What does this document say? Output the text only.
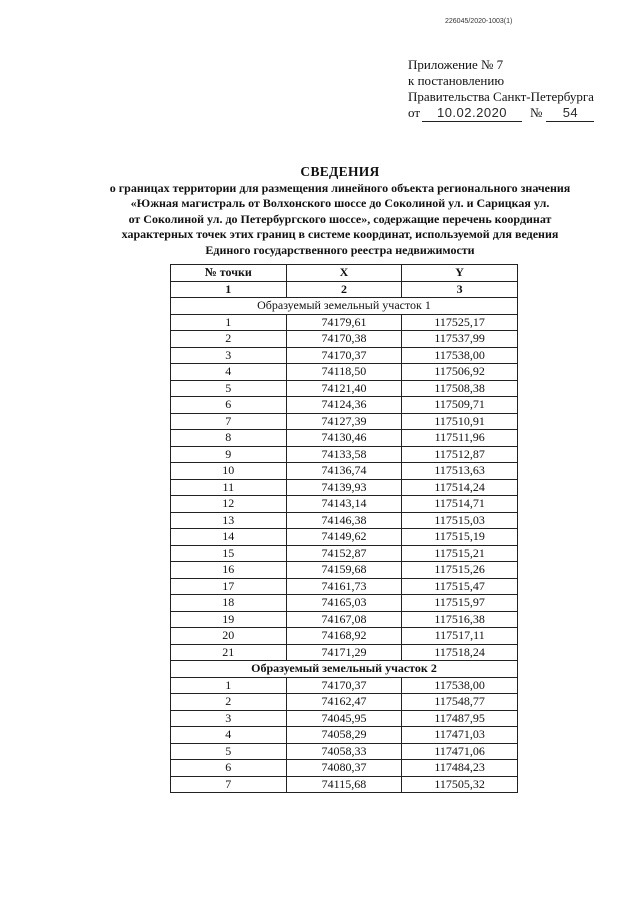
226045/2020-1003(1)
Приложение № 7
к постановлению
Правительства Санкт-Петербурга
от	10.02.2020	№	54
СВЕДЕНИЯ
о границах территории для размещения линейного объекта регионального значения
«Южная магистраль от Волхонского шоссе до Соколиной ул. и Сарицкая ул.
от Соколиной ул. до Петербургского шоссе», содержащие перечень координат
характерных точек этих границ в системе координат, используемой для ведения
Единого государственного реестра недвижимости
№ точки	X	Y
1	2	3
Образуемый земельный участок 1		
1	74179,61	117525,17
2	74170,38	117537,99
3	74170,37	117538,00
4	74118,50	117506,92
5	74121,40	117508,38
6	74124,36	117509,71
7	74127,39	117510,91
8	74130,46	117511,96
9	74133,58	117512,87
10	74136,74	117513,63
11	74139,93	117514,24
12	74143,14	117514,71
13	74146,38	117515,03
14	74149,62	117515,19
15	74152,87	117515,21
16	74159,68	117515,26
17	74161,73	117515,47
18	74165,03	117515,97
19	74167,08	117516,38
20	74168,92	117517,11
21	74171,29	117518,24
Образуемый земельный участок 2		
1	74170,37	117538,00
2	74162,47	117548,77
3	74045,95	117487,95
4	74058,29	117471,03
5	74058,33	117471,06
6	74080,37	117484,23
7	74115,68	117505,32
